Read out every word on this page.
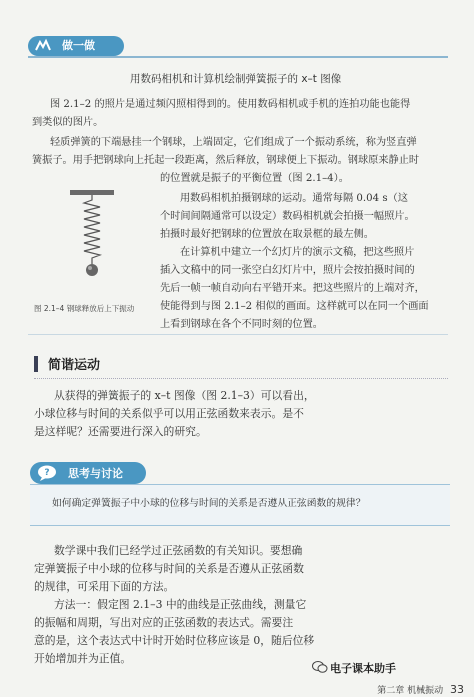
做一做
用数码相机和计算机绘制弹簧振子的 x–t 图像
图 2.1–2 的照片是通过频闪照相得到的。使用数码相机或手机的连拍功能也能得
到类似的图片。
轻质弹簧的下端悬挂一个钢球，上端固定，它们组成了一个振动系统，称为竖直弹
簧振子。用手把钢球向上托起一段距离，然后释放，钢球便上下振动。钢球原来静止时
的位置就是振子的平衡位置（图 2.1–4）。
用数码相机拍摄钢球的运动。通常每隔 0.04 s（这
个时间间隔通常可以设定）数码相机就会拍摄一幅照片。
拍摄时最好把钢球的位置放在取景框的最左侧。
在计算机中建立一个幻灯片的演示文稿，把这些照片
插入文稿中的同一张空白幻灯片中，照片会按拍摄时间的
先后一帧一帧自动向右平错开来。把这些照片的上端对齐，
使能得到与图 2.1–2 相似的画面。这样就可以在同一个画面
上看到钢球在各个不同时刻的位置。
图 2.1–4 钢球释放后上下振动
简谐运动
从获得的弹簧振子的 x–t 图像（图 2.1–3）可以看出，
小球位移与时间的关系似乎可以用正弦函数来表示。是不
是这样呢？还需要进行深入的研究。
? 思考与讨论
如何确定弹簧振子中小球的位移与时间的关系是否遵从正弦函数的规律？
数学课中我们已经学过正弦函数的有关知识。要想确
定弹簧振子中小球的位移与时间的关系是否遵从正弦函数
的规律，可采用下面的方法。
方法一：假定图 2.1–3 中的曲线是正弦曲线，测量它
的振幅和周期，写出对应的正弦函数的表达式。需要注
意的是，这个表达式中计时开始时位移应该是 0，随后位移
开始增加并为正值。
电子课本助手
第二章 机械振动 33
